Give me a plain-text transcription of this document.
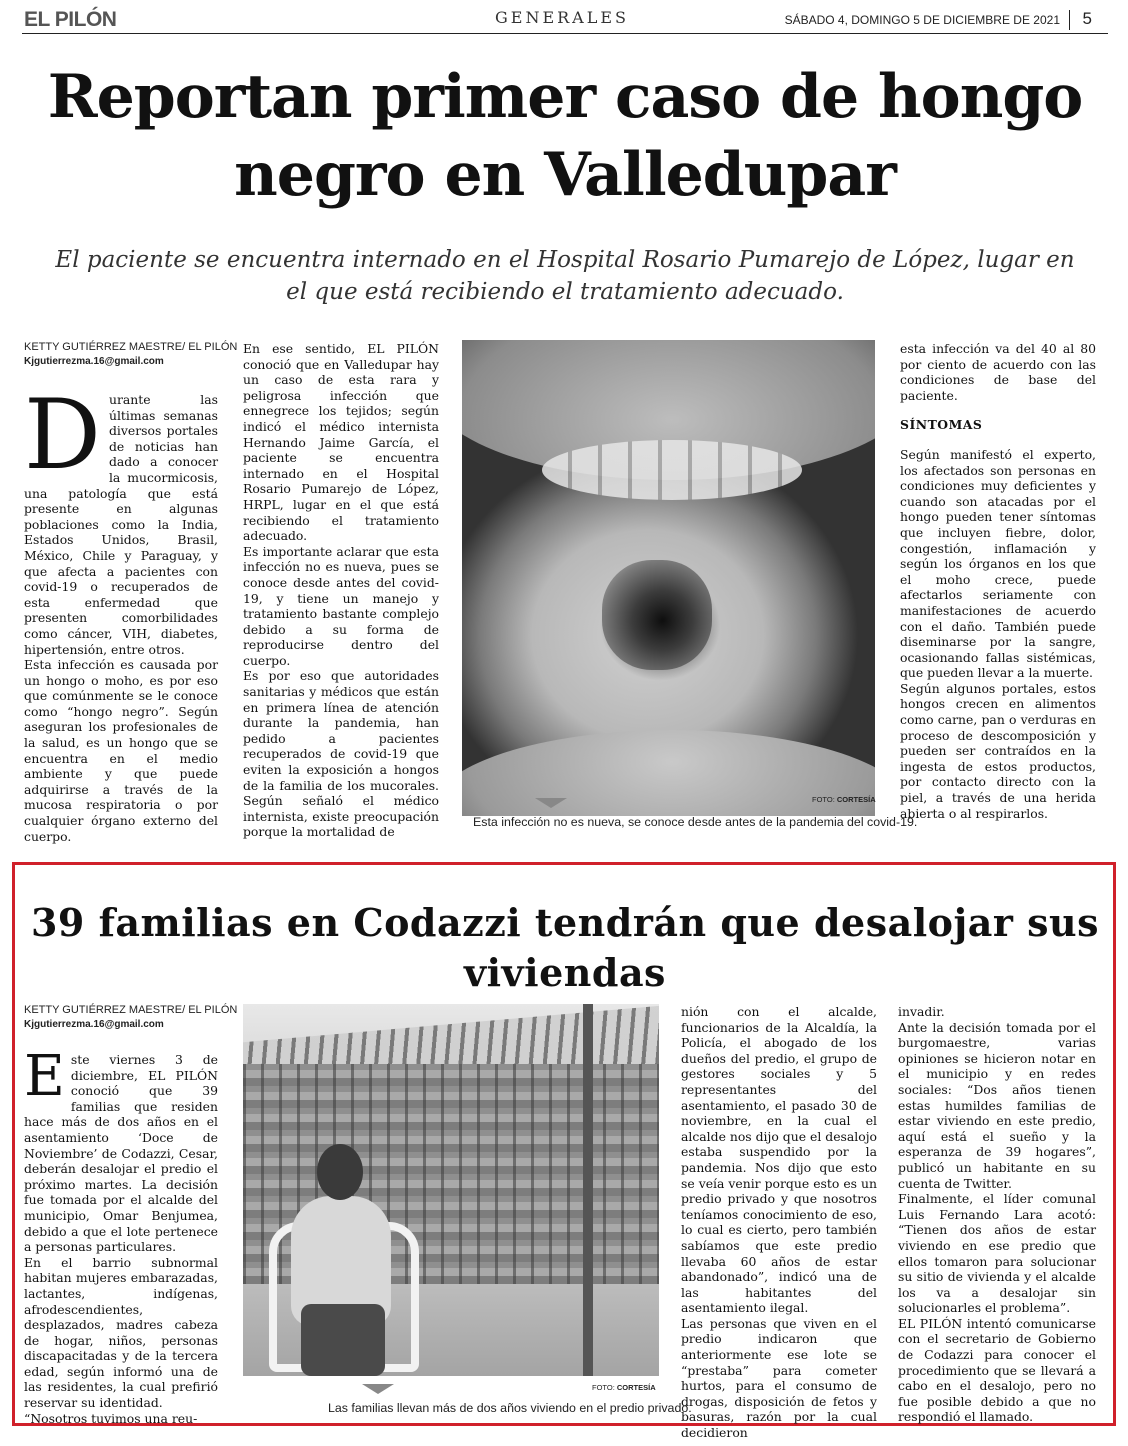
EL PILÓN	GENERALES	SÁBADO 4, DOMINGO 5 DE DICIEMBRE DE 2021 5
Reportan primer caso de hongo
negro en Valledupar
El paciente se encuentra internado en el Hospital Rosario Pumarejo de López, lugar en
el que está recibiendo el tratamiento adecuado.
KETTY GUTIÉRREZ MAESTRE/ EL PILÓN
Kjgutierrezma.16@gmail.com

Durante las últimas semanas diversos portales de noticias han dado a conocer la mucormicosis, una patología que está presente en algunas poblaciones como la India, Estados Unidos, Brasil, México, Chile y Paraguay, y que afecta a pacientes con covid-19 o recuperados de esta enfermedad que presenten comorbilidades como cáncer, VIH, diabetes, hipertensión, entre otros.

Esta infección es causada por un hongo o moho, es por eso que comúnmente se le conoce como “hongo negro”. Según aseguran los profesionales de la salud, es un hongo que se encuentra en el medio ambiente y que puede adquirirse a través de la mucosa respiratoria o por cualquier órgano externo del cuerpo.

En ese sentido, EL PILÓN conoció que en Valledupar hay un caso de esta rara y peligrosa infección que ennegrece los tejidos; según indicó el médico internista Hernando Jaime García, el paciente se encuentra internado en el Hospital Rosario Pumarejo de López, HRPL, lugar en el que está recibiendo el tratamiento adecuado.

Es importante aclarar que esta infección no es nueva, pues se conoce desde antes del covid-19, y tiene un manejo y tratamiento bastante complejo debido a su forma de reproducirse dentro del cuerpo.

Es por eso que autoridades sanitarias y médicos que están en primera línea de atención durante la pandemia, han pedido a pacientes recuperados de covid-19 que eviten la exposición a hongos de la familia de los mucorales. Según señaló el médico internista, existe preocupación porque la mortalidad de

FOTO: CORTESÍA
Esta infección no es nueva, se conoce desde antes de la pandemia del covid-19.

esta infección va del 40 al 80 por ciento de acuerdo con las condiciones de base del paciente.

SÍNTOMAS

Según manifestó el experto, los afectados son personas en condiciones muy deficientes y cuando son atacadas por el hongo pueden tener síntomas que incluyen fiebre, dolor, congestión, inflamación y según los órganos en los que el moho crece, puede afectarlos seriamente con manifestaciones de acuerdo con el daño. También puede diseminarse por la sangre, ocasionando fallas sistémicas, que pueden llevar a la muerte.

Según algunos portales, estos hongos crecen en alimentos como carne, pan o verduras en proceso de descomposición y pueden ser contraídos en la ingesta de estos productos, por contacto directo con la piel, a través de una herida abierta o al respirarlos.

39 familias en Codazzi tendrán que desalojar sus
viviendas
KETTY GUTIÉRREZ MAESTRE/ EL PILÓN
Kjgutierrezma.16@gmail.com

Este viernes 3 de diciembre, EL PILÓN conoció que 39 familias que residen hace más de dos años en el asentamiento ‘Doce de Noviembre’ de Codazzi, Cesar, deberán desalojar el predio el próximo martes. La decisión fue tomada por el alcalde del municipio, Omar Benjumea, debido a que el lote pertenece a personas particulares.

En el barrio subnormal habitan mujeres embarazadas, lactantes, indígenas, afrodescendientes, desplazados, madres cabeza de hogar, niños, personas discapacitadas y de la tercera edad, según informó una de las residentes, la cual prefirió reservar su identidad.

“Nosotros tuvimos una reu-

FOTO: CORTESÍA
Las familias llevan más de dos años viviendo en el predio privado.

nión con el alcalde, funcionarios de la Alcaldía, la Policía, el abogado de los dueños del predio, el grupo de gestores sociales y 5 representantes del asentamiento, el pasado 30 de noviembre, en la cual el alcalde nos dijo que el desalojo estaba suspendido por la pandemia. Nos dijo que esto se veía venir porque esto es un predio privado y que nosotros teníamos conocimiento de eso, lo cual es cierto, pero también sabíamos que este predio llevaba 60 años de estar abandonado”, indicó una de las habitantes del asentamiento ilegal.

Las personas que viven en el predio indicaron que anteriormente ese lote se “prestaba” para cometer hurtos, para el consumo de drogas, disposición de fetos y basuras, razón por la cual decidieron

invadir.

Ante la decisión tomada por el burgomaestre, varias opiniones se hicieron notar en el municipio y en redes sociales: “Dos años tienen estas humildes familias de estar viviendo en este predio, aquí está el sueño y la esperanza de 39 hogares”, publicó un habitante en su cuenta de Twitter.

Finalmente, el líder comunal Luis Fernando Lara acotó: “Tienen dos años de estar viviendo en ese predio que ellos tomaron para solucionar su sitio de vivienda y el alcalde los va a desalojar sin solucionarles el problema”.

EL PILÓN intentó comunicarse con el secretario de Gobierno de Codazzi para conocer el procedimiento que se llevará a cabo en el desalojo, pero no fue posible debido a que no respondió el llamado.
